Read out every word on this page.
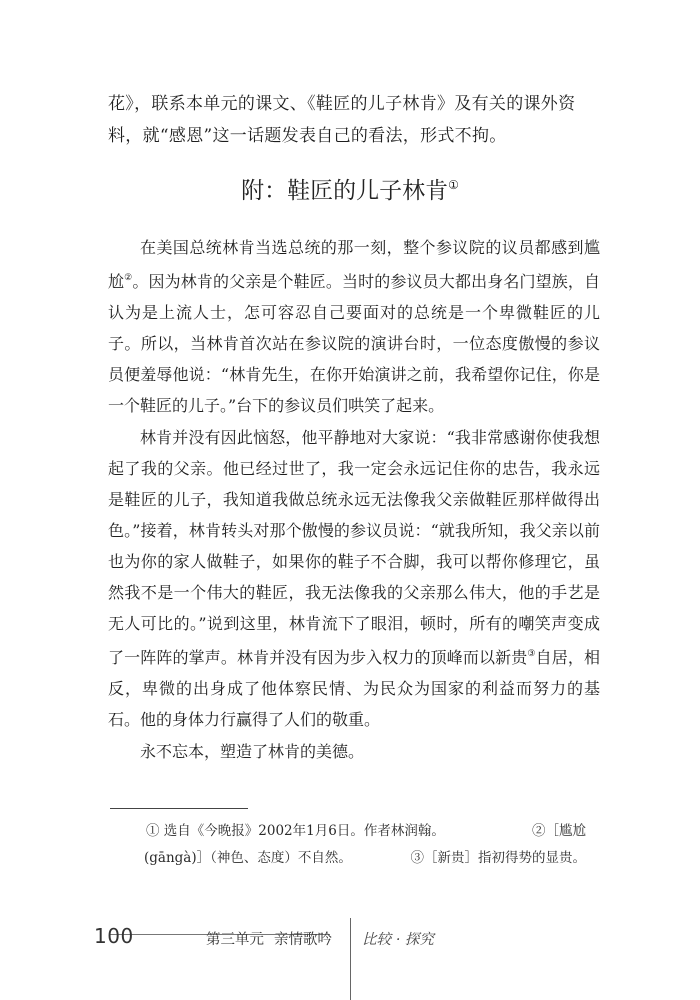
花》，联系本单元的课文、《鞋匠的儿子林肯》及有关的课外资
料，就“感恩”这一话题发表自己的看法，形式不拘。
附：鞋匠的儿子林肯①

在美国总统林肯当选总统的那一刻，整个参议院的议员都感到尴尬②。因为林肯的父亲是个鞋匠。当时的参议员大都出身名门望族，自认为是上流人士，怎可容忍自己要面对的总统是一个卑微鞋匠的儿子。所以，当林肯首次站在参议院的演讲台时，一位态度傲慢的参议员便羞辱他说：“林肯先生，在你开始演讲之前，我希望你记住，你是一个鞋匠的儿子。”台下的参议员们哄笑了起来。

林肯并没有因此恼怒，他平静地对大家说：“我非常感谢你使我想起了我的父亲。他已经过世了，我一定会永远记住你的忠告，我永远是鞋匠的儿子，我知道我做总统永远无法像我父亲做鞋匠那样做得出色。”接着，林肯转头对那个傲慢的参议员说：“就我所知，我父亲以前也为你的家人做鞋子，如果你的鞋子不合脚，我可以帮你修理它，虽然我不是一个伟大的鞋匠，我无法像我的父亲那么伟大，他的手艺是无人可比的。”说到这里，林肯流下了眼泪，顿时，所有的嘲笑声变成了一阵阵的掌声。林肯并没有因为步入权力的顶峰而以新贵③自居，相反，卑微的出身成了他体察民情、为民众为国家的利益而努力的基石。他的身体力行赢得了人们的敬重。

永不忘本，塑造了林肯的美德。

① 选自《今晚报》2002年1月6日。作者林润翰。	②［尴尬
(gāngà)］（神色、态度）不自然。	③［新贵］指初得势的显贵。
100	第三单元 亲情歌吟	比较 · 探究
